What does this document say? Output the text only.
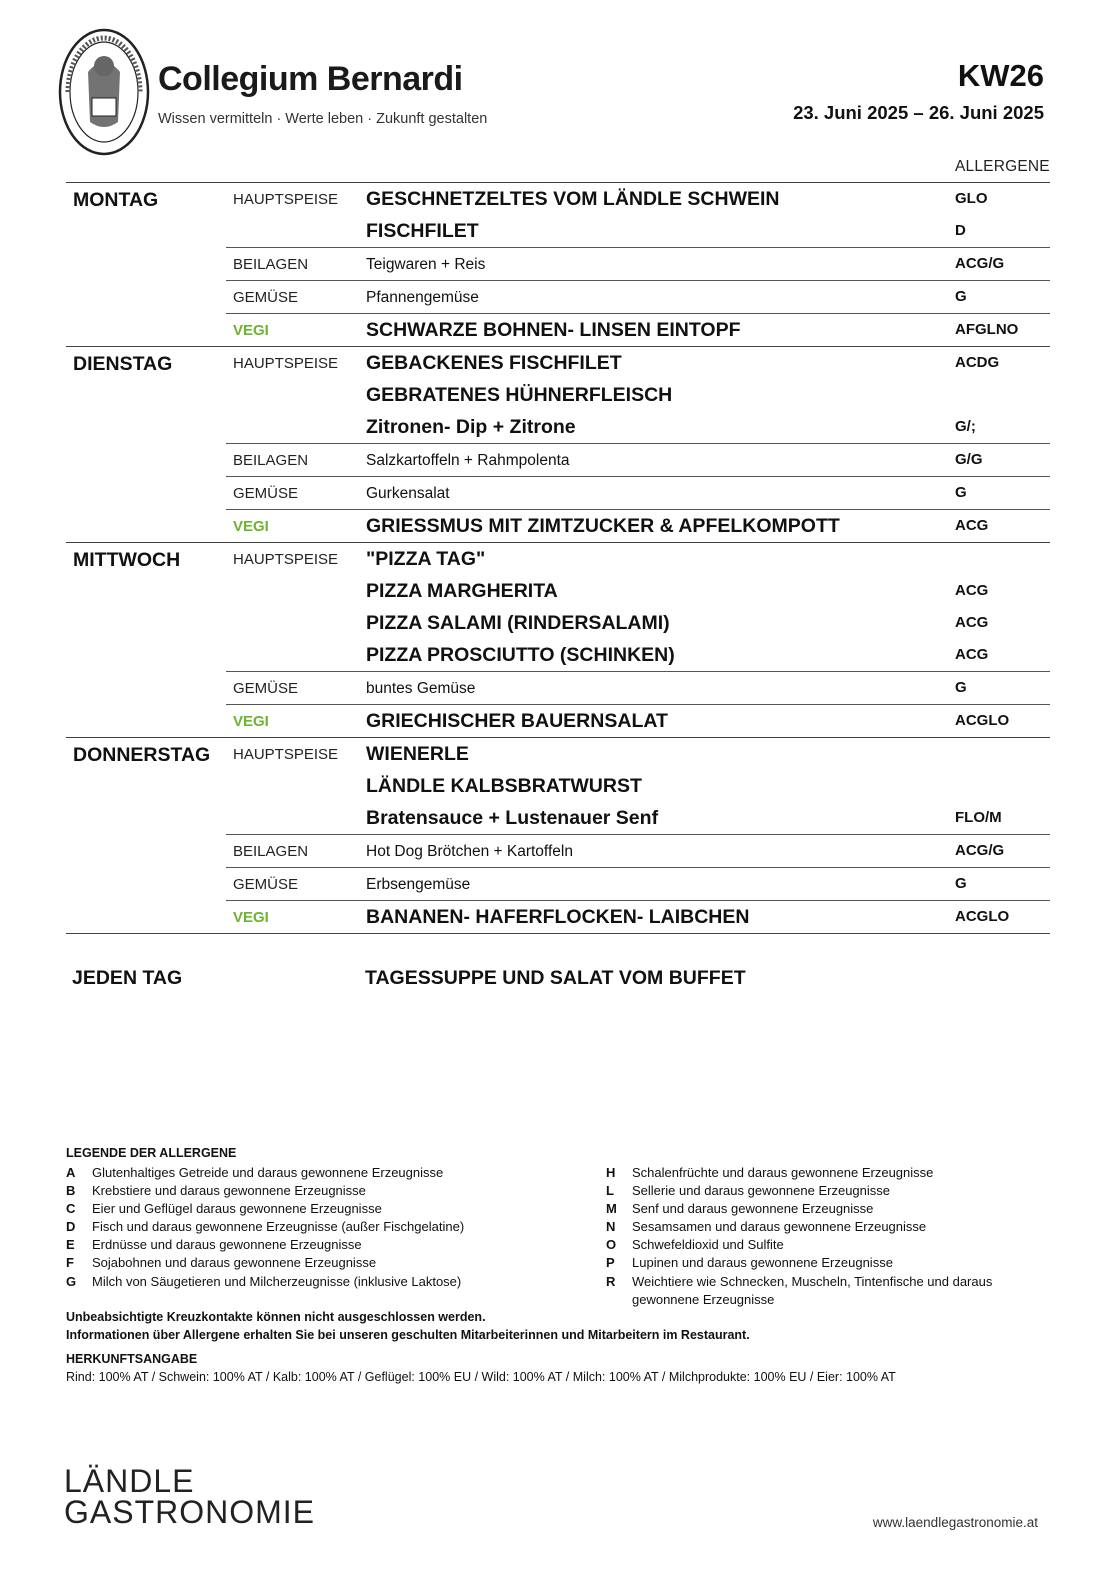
Collegium Bernardi
Wissen vermitteln · Werte leben · Zukunft gestalten
KW26
23. Juni 2025 – 26. Juni 2025
ALLERGENE
MONTAG	HAUPTSPEISE	GESCHNETZELTES VOM LÄNDLE SCHWEIN	GLO
FISCHFILET	D
BEILAGEN	Teigwaren + Reis	ACG/G
GEMÜSE	Pfannengemüse	G
VEGI	SCHWARZE BOHNEN- LINSEN EINTOPF	AFGLNO
DIENSTAG	HAUPTSPEISE	GEBACKENES FISCHFILET	ACDG
GEBRATENES HÜHNERFLEISCH
Zitronen- Dip + Zitrone	G/;
BEILAGEN	Salzkartoffeln + Rahmpolenta	G/G
GEMÜSE	Gurkensalat	G
VEGI	GRIESSMUS MIT ZIMTZUCKER & APFELKOMPOTT	ACG
MITTWOCH	HAUPTSPEISE	"PIZZA TAG"
PIZZA MARGHERITA	ACG
PIZZA SALAMI (RINDERSALAMI)	ACG
PIZZA PROSCIUTTO (SCHINKEN)	ACG
GEMÜSE	buntes Gemüse	G
VEGI	GRIECHISCHER BAUERNSALAT	ACGLO
DONNERSTAG	HAUPTSPEISE	WIENERLE
LÄNDLE KALBSBRATWURST
Bratensauce + Lustenauer Senf	FLO/M
BEILAGEN	Hot Dog Brötchen + Kartoffeln	ACG/G
GEMÜSE	Erbsengemüse	G
VEGI	BANANEN- HAFERFLOCKEN- LAIBCHEN	ACGLO
JEDEN TAG	TAGESSUPPE UND SALAT VOM BUFFET
LEGENDE DER ALLERGENE
A	Glutenhaltiges Getreide und daraus gewonnene Erzeugnisse
B	Krebstiere und daraus gewonnene Erzeugnisse
C	Eier und Geflügel daraus gewonnene Erzeugnisse
D	Fisch und daraus gewonnene Erzeugnisse (außer Fischgelatine)
E	Erdnüsse und daraus gewonnene Erzeugnisse
F	Sojabohnen und daraus gewonnene Erzeugnisse
G	Milch von Säugetieren und Milcherzeugnisse (inklusive Laktose)
H	Schalenfrüchte und daraus gewonnene Erzeugnisse
L	Sellerie und daraus gewonnene Erzeugnisse
M	Senf und daraus gewonnene Erzeugnisse
N	Sesamsamen und daraus gewonnene Erzeugnisse
O	Schwefeldioxid und Sulfite
P	Lupinen und daraus gewonnene Erzeugnisse
R	Weichtiere wie Schnecken, Muscheln, Tintenfische und daraus gewonnene Erzeugnisse
Unbeabsichtigte Kreuzkontakte können nicht ausgeschlossen werden.
Informationen über Allergene erhalten Sie bei unseren geschulten Mitarbeiterinnen und Mitarbeitern im Restaurant.
HERKUNFTSANGABE
Rind: 100% AT / Schwein: 100% AT / Kalb: 100% AT / Geflügel: 100% EU / Wild: 100% AT / Milch: 100% AT / Milchprodukte: 100% EU / Eier: 100% AT
LÄNDLE
GASTRONOMIE	www.laendlegastronomie.at
